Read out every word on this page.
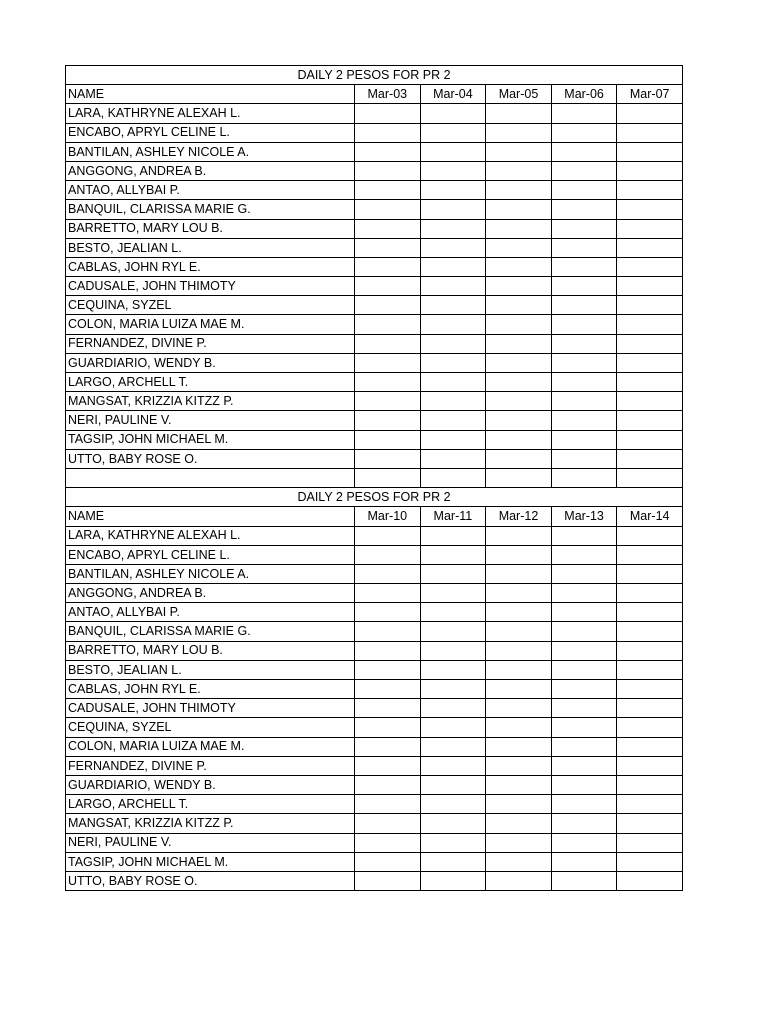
DAILY 2 PESOS FOR PR 2					
NAME	Mar-03	Mar-04	Mar-05	Mar-06	Mar-07
LARA, KATHRYNE ALEXAH L.					
ENCABO, APRYL CELINE L.					
BANTILAN, ASHLEY NICOLE A.					
ANGGONG, ANDREA B.					
ANTAO, ALLYBAI P.					
BANQUIL, CLARISSA MARIE G.					
BARRETTO, MARY LOU B.					
BESTO, JEALIAN L.					
CABLAS, JOHN RYL E.					
CADUSALE, JOHN THIMOTY					
CEQUINA, SYZEL					
COLON, MARIA LUIZA MAE M.					
FERNANDEZ, DIVINE P.					
GUARDIARIO, WENDY B.					
LARGO, ARCHELL T.					
MANGSAT, KRIZZIA KITZZ P.					
NERI, PAULINE V.					
TAGSIP, JOHN MICHAEL M.					
UTTO, BABY ROSE O.					

DAILY 2 PESOS FOR PR 2					
NAME	Mar-10	Mar-11	Mar-12	Mar-13	Mar-14
LARA, KATHRYNE ALEXAH L.					
ENCABO, APRYL CELINE L.					
BANTILAN, ASHLEY NICOLE A.					
ANGGONG, ANDREA B.					
ANTAO, ALLYBAI P.					
BANQUIL, CLARISSA MARIE G.					
BARRETTO, MARY LOU B.					
BESTO, JEALIAN L.					
CABLAS, JOHN RYL E.					
CADUSALE, JOHN THIMOTY					
CEQUINA, SYZEL					
COLON, MARIA LUIZA MAE M.					
FERNANDEZ, DIVINE P.					
GUARDIARIO, WENDY B.					
LARGO, ARCHELL T.					
MANGSAT, KRIZZIA KITZZ P.					
NERI, PAULINE V.					
TAGSIP, JOHN MICHAEL M.					
UTTO, BABY ROSE O.					
